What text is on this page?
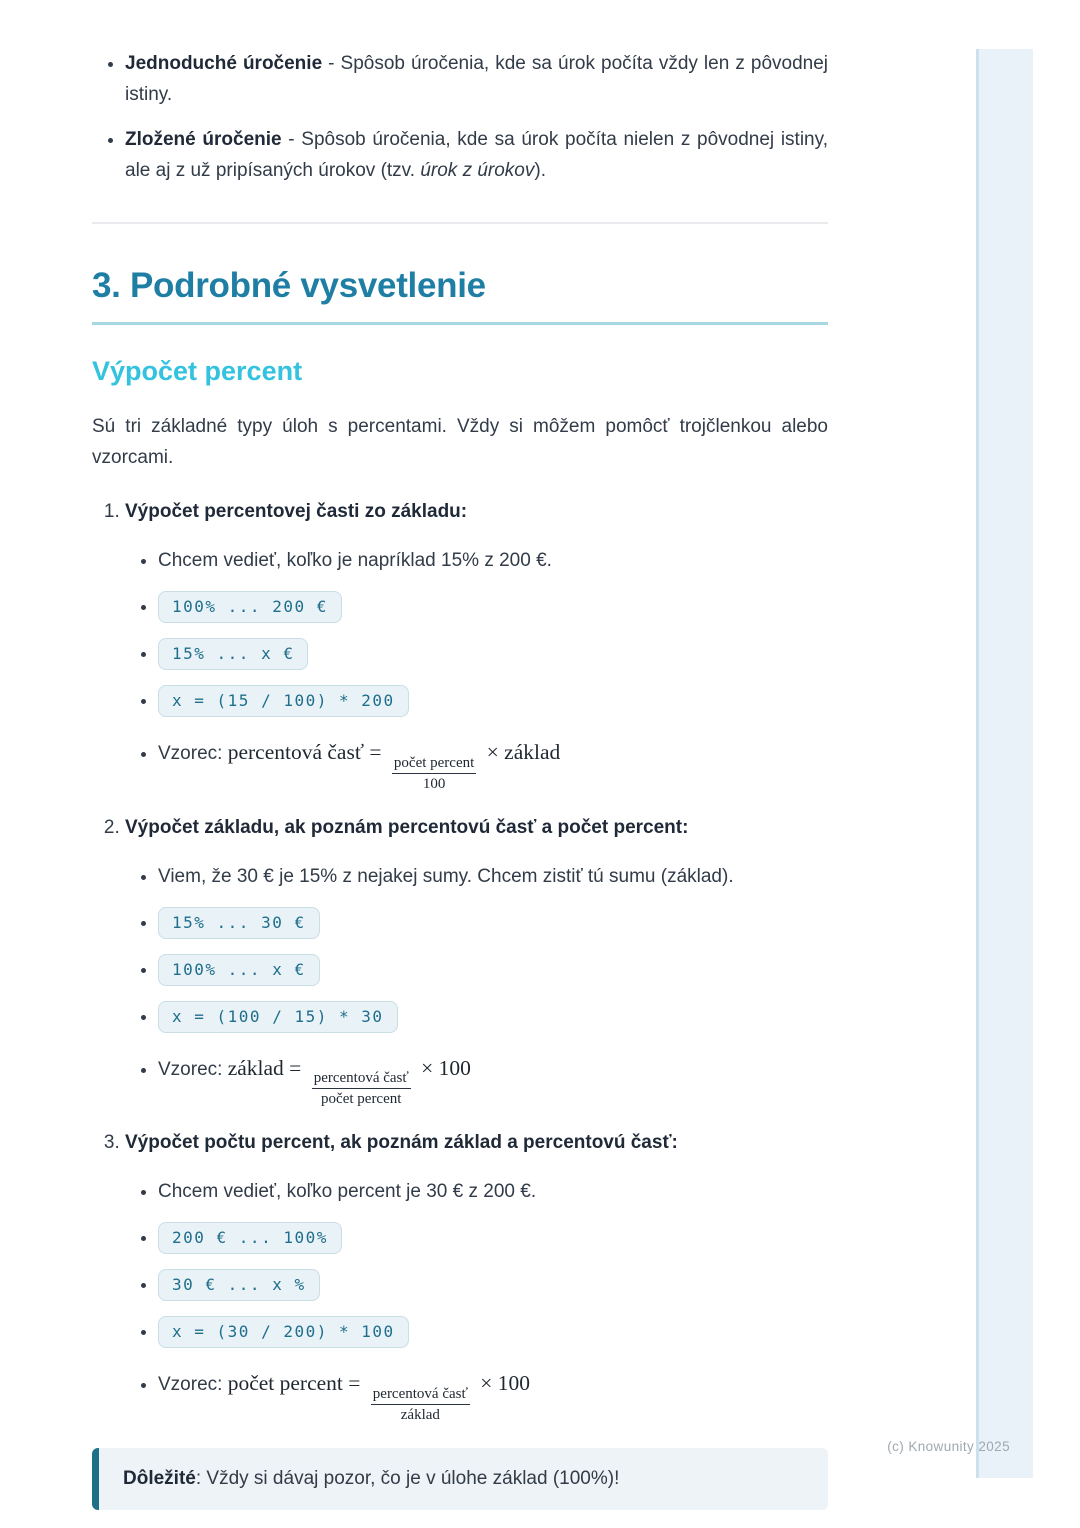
• Jednoduché úročenie - Spôsob úročenia, kde sa úrok počíta vždy len z pôvodnej istiny.
• Zložené úročenie - Spôsob úročenia, kde sa úrok počíta nielen z pôvodnej istiny, ale aj z už pripísaných úrokov (tzv. úrok z úrokov).
3. Podrobné vysvetlenie
Výpočet percent

Sú tri základné typy úloh s percentami. Vždy si môžem pomôcť trojčlenkou alebo vzorcami.

1. Výpočet percentovej časti zo základu:
• Chcem vedieť, koľko je napríklad 15% z 200 €.
• 100% ... 200 €
• 15% ... x €
• x = (15 / 100) * 200
• Vzorec: percentová časť =
$\frac{\text{počet percent}}{100}$
× základ
2. Výpočet základu, ak poznám percentovú časť a počet percent:
• Viem, že 30 € je 15% z nejakej sumy. Chcem zistiť tú sumu (základ).
• 15% ... 30 €
• 100% ... x €
• x = (100 / 15) * 30
• Vzorec: základ =
$\frac{\text{percentová časť}}{\text{počet percent}}$
× 100
3. Výpočet počtu percent, ak poznám základ a percentovú časť:
• Chcem vedieť, koľko percent je 30 € z 200 €.
• 200 € ... 100%
• 30 € ... x %
• x = (30 / 200) * 100
• Vzorec: počet percent =
$\frac{\text{percentová časť}}{\text{základ}}$
× 100
Dôležité: Vždy si dávaj pozor, čo je v úlohe základ (100%)!
(c) Knowunity 2025
